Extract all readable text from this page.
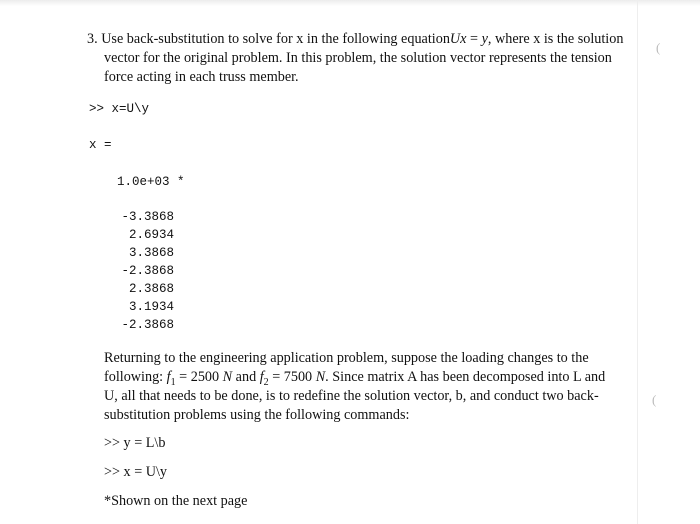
(
(
3. Use back-substitution to solve for x in the following equationUx = y, where x is the solution
vector for the original problem. In this problem, the solution vector represents the tension
force acting in each truss member.
>> x=U\y
x =
1.0e+03 *
-3.3868
2.6934
3.3868
-2.3868
2.3868
3.1934
-2.3868
Returning to the engineering application problem, suppose the loading changes to the
following: $f_1 = 2500$ N and $f_2 = 7500$ N. Since matrix A has been decomposed into L and
U, all that needs to be done, is to redefine the solution vector, b, and conduct two back-
substitution problems using the following commands:
>> y = L\b
>> x = U\y
*Shown on the next page
